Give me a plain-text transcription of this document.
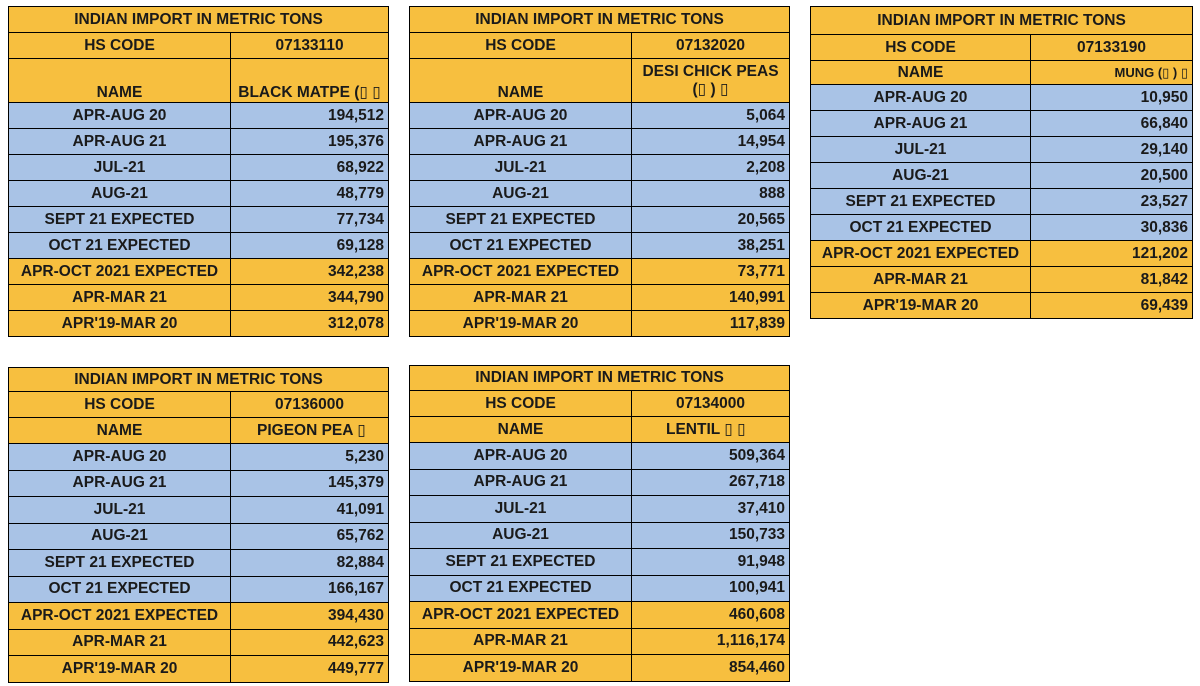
INDIAN IMPORT IN METRIC TONS	
HS CODE	07133110
NAME	BLACK MATPE (▯ ▯
APR-AUG 20	194,512
APR-AUG 21	195,376
JUL-21	68,922
AUG-21	48,779
SEPT 21 EXPECTED	77,734
OCT 21 EXPECTED	69,128
APR-OCT 2021 EXPECTED	342,238
APR-MAR 21	344,790
APR'19-MAR 20	312,078
INDIAN IMPORT IN METRIC TONS	
HS CODE	07132020
NAME	DESI CHICK PEAS
(▯ ) ▯

APR-AUG 20	5,064
APR-AUG 21	14,954
JUL-21	2,208
AUG-21	888
SEPT 21 EXPECTED	20,565
OCT 21 EXPECTED	38,251
APR-OCT 2021 EXPECTED	73,771
APR-MAR 21	140,991
APR'19-MAR 20	117,839
INDIAN IMPORT IN METRIC TONS	
HS CODE	07133190
NAME	MUNG (▯ ) ▯
APR-AUG 20	10,950
APR-AUG 21	66,840
JUL-21	29,140
AUG-21	20,500
SEPT 21 EXPECTED	23,527
OCT 21 EXPECTED	30,836
APR-OCT 2021 EXPECTED	121,202
APR-MAR 21	81,842
APR'19-MAR 20	69,439
INDIAN IMPORT IN METRIC TONS	
HS CODE	07136000
NAME	PIGEON PEA ▯
APR-AUG 20	5,230
APR-AUG 21	145,379
JUL-21	41,091
AUG-21	65,762
SEPT 21 EXPECTED	82,884
OCT 21 EXPECTED	166,167
APR-OCT 2021 EXPECTED	394,430
APR-MAR 21	442,623
APR'19-MAR 20	449,777
INDIAN IMPORT IN METRIC TONS	
HS CODE	07134000
NAME	LENTIL ▯ ▯
APR-AUG 20	509,364
APR-AUG 21	267,718
JUL-21	37,410
AUG-21	150,733
SEPT 21 EXPECTED	91,948
OCT 21 EXPECTED	100,941
APR-OCT 2021 EXPECTED	460,608
APR-MAR 21	1,116,174
APR'19-MAR 20	854,460
